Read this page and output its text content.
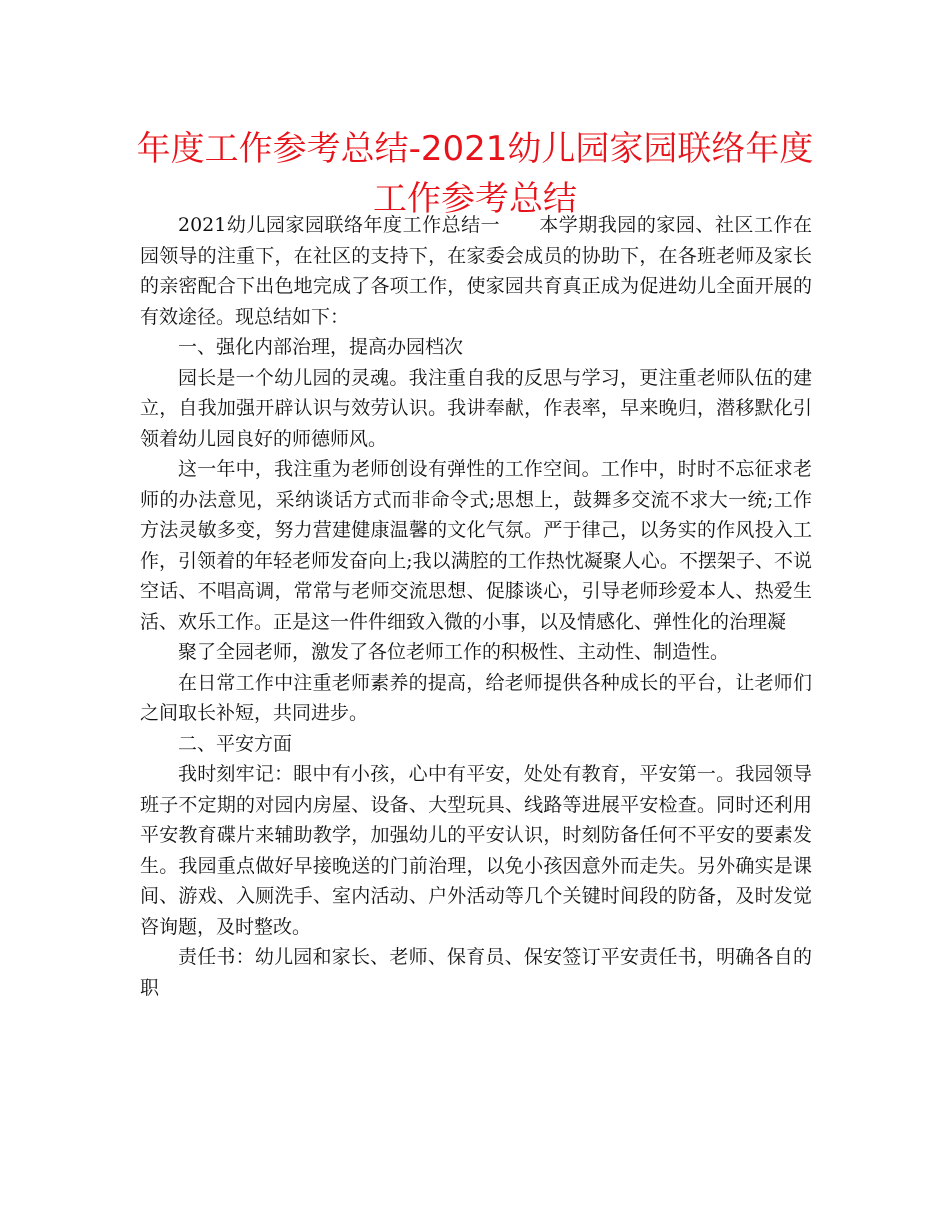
年度工作参考总结-2021幼儿园家园联络年度工作参考总结

2021幼儿园家园联络年度工作总结一　　本学期我园的家园、社区工作在园领导的注重下，在社区的支持下，在家委会成员的协助下，在各班老师及家长的亲密配合下出色地完成了各项工作，使家园共育真正成为促进幼儿全面开展的有效途径。现总结如下：

一、强化内部治理，提高办园档次

园长是一个幼儿园的灵魂。我注重自我的反思与学习，更注重老师队伍的建立，自我加强开辟认识与效劳认识。我讲奉献，作表率，早来晚归，潜移默化引领着幼儿园良好的师德师风。

这一年中，我注重为老师创设有弹性的工作空间。工作中，时时不忘征求老师的办法意见，采纳谈话方式而非命令式;思想上，鼓舞多交流不求大一统;工作方法灵敏多变，努力营建健康温馨的文化气氛。严于律己，以务实的作风投入工作，引领着的年轻老师发奋向上;我以满腔的工作热忱凝聚人心。不摆架子、不说空话、不唱高调，常常与老师交流思想、促膝谈心，引导老师珍爱本人、热爱生活、欢乐工作。正是这一件件细致入微的小事，以及情感化、弹性化的治理凝

聚了全园老师，激发了各位老师工作的积极性、主动性、制造性。

在日常工作中注重老师素养的提高，给老师提供各种成长的平台，让老师们之间取长补短，共同进步。

二、平安方面

我时刻牢记：眼中有小孩，心中有平安，处处有教育，平安第一。我园领导班子不定期的对园内房屋、设备、大型玩具、线路等进展平安检查。同时还利用平安教育碟片来辅助教学，加强幼儿的平安认识，时刻防备任何不平安的要素发生。我园重点做好早接晚送的门前治理，以免小孩因意外而走失。另外确实是课间、游戏、入厕洗手、室内活动、户外活动等几个关键时间段的防备，及时发觉咨询题，及时整改。

责任书：幼儿园和家长、老师、保育员、保安签订平安责任书，明确各自的职
